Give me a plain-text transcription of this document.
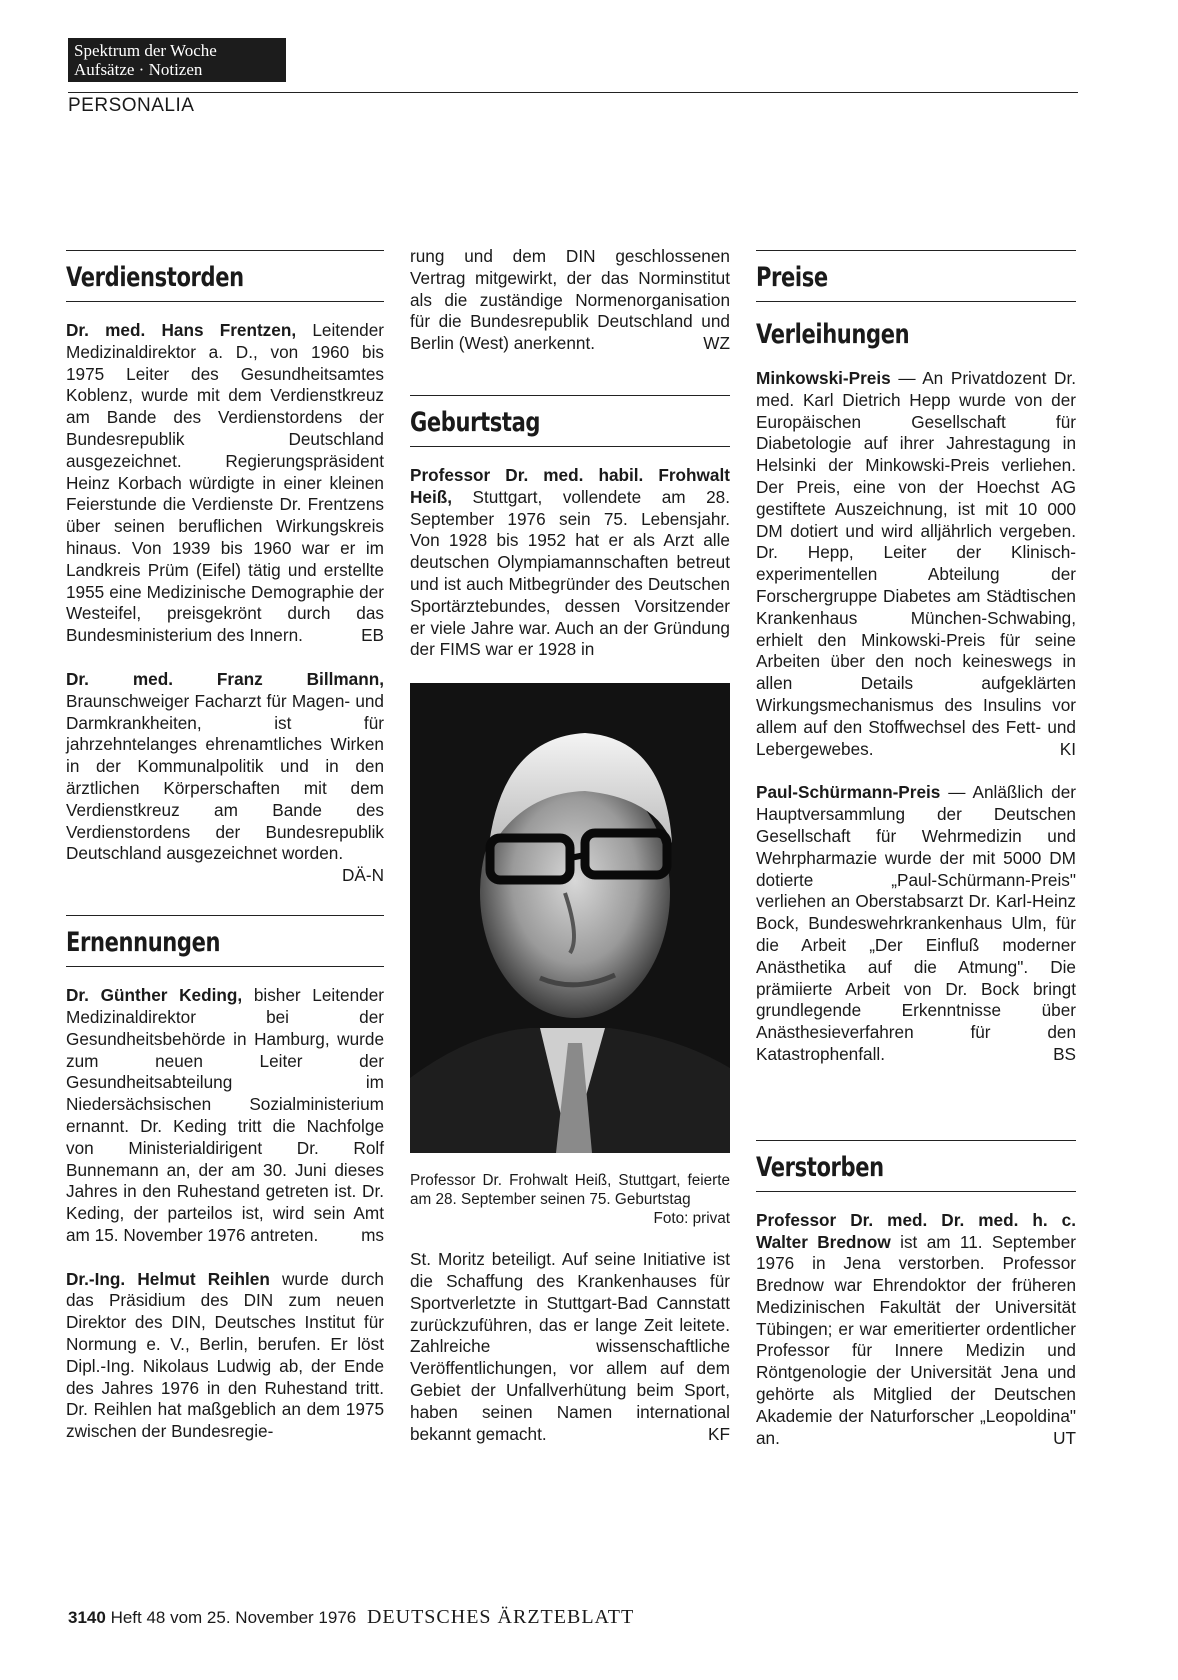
Spektrum der Woche
Aufsätze · Notizen
PERSONALIA
Verdienstorden

Dr. med. Hans Frentzen, Leitender Medizinaldirektor a. D., von 1960 bis 1975 Leiter des Gesundheitsamtes Koblenz, wurde mit dem Verdienstkreuz am Bande des Verdienstordens der Bundesrepublik Deutschland ausgezeichnet. Regierungspräsident Heinz Korbach würdigte in einer kleinen Feierstunde die Verdienste Dr. Frentzens über seinen beruflichen Wirkungskreis hinaus. Von 1939 bis 1960 war er im Landkreis Prüm (Eifel) tätig und erstellte 1955 eine Medizinische Demographie der Westeifel, preisgekrönt durch das Bundesministerium des Innern.	EB

Dr. med. Franz Billmann, Braunschweiger Facharzt für Magen- und Darmkrankheiten, ist für jahrzehntelanges ehrenamtliches Wirken in der Kommunalpolitik und in den ärztlichen Körperschaften mit dem Verdienstkreuz am Bande des Verdienstordens der Bundesrepublik Deutschland ausgezeichnet worden.
DÄ-N

Ernennungen

Dr. Günther Keding, bisher Leitender Medizinaldirektor bei der Gesundheitsbehörde in Hamburg, wurde zum neuen Leiter der Gesundheitsabteilung im Niedersächsischen Sozialministerium ernannt. Dr. Keding tritt die Nachfolge von Ministerialdirigent Dr. Rolf Bunnemann an, der am 30. Juni dieses Jahres in den Ruhestand getreten ist. Dr. Keding, der parteilos ist, wird sein Amt am 15. November 1976 antreten. ms

Dr.-Ing. Helmut Reihlen wurde durch das Präsidium des DIN zum neuen Direktor des DIN, Deutsches Institut für Normung e. V., Berlin, berufen. Er löst Dipl.-Ing. Nikolaus Ludwig ab, der Ende des Jahres 1976 in den Ruhestand tritt. Dr. Reihlen hat maßgeblich an dem 1975 zwischen der Bundesregie-

rung und dem DIN geschlossenen Vertrag mitgewirkt, der das Norminstitut als die zuständige Normenorganisation für die Bundesrepublik Deutschland und Berlin (West) anerkennt.	WZ

Geburtstag

Professor Dr. med. habil. Frohwalt Heiß, Stuttgart, vollendete am 28. September 1976 sein 75. Lebensjahr. Von 1928 bis 1952 hat er als Arzt alle deutschen Olympiamannschaften betreut und ist auch Mitbegründer des Deutschen Sportärztebundes, dessen Vorsitzender er viele Jahre war. Auch an der Gründung der FIMS war er 1928 in

Professor Dr. Frohwalt Heiß, Stuttgart, feierte am 28. September seinen 75. Geburtstag
Foto: privat

St. Moritz beteiligt. Auf seine Initiative ist die Schaffung des Krankenhauses für Sportverletzte in Stuttgart-Bad Cannstatt zurückzuführen, das er lange Zeit leitete. Zahlreiche wissenschaftliche Veröffentlichungen, vor allem auf dem Gebiet der Unfallverhütung beim Sport, haben seinen Namen international bekannt gemacht.	KF

Preise
Verleihungen

Minkowski-Preis — An Privatdozent Dr. med. Karl Dietrich Hepp wurde von der Europäischen Gesellschaft für Diabetologie auf ihrer Jahrestagung in Helsinki der Minkowski-Preis verliehen. Der Preis, eine von der Hoechst AG gestiftete Auszeichnung, ist mit 10 000 DM dotiert und wird alljährlich vergeben. Dr. Hepp, Leiter der Klinisch-experimentellen Abteilung der Forschergruppe Diabetes am Städtischen Krankenhaus München-Schwabing, erhielt den Minkowski-Preis für seine Arbeiten über den noch keineswegs in allen Details aufgeklärten Wirkungsmechanismus des Insulins vor allem auf den Stoffwechsel des Fett- und Lebergewebes.	KI

Paul-Schürmann-Preis — Anläßlich der Hauptversammlung der Deutschen Gesellschaft für Wehrmedizin und Wehrpharmazie wurde der mit 5000 DM dotierte „Paul-Schürmann-Preis" verliehen an Oberstabsarzt Dr. Karl-Heinz Bock, Bundeswehrkrankenhaus Ulm, für die Arbeit „Der Einfluß moderner Anästhetika auf die Atmung". Die prämiierte Arbeit von Dr. Bock bringt grundlegende Erkenntnisse über Anästhesieverfahren für den Katastrophenfall.	BS

Verstorben

Professor Dr. med. Dr. med. h. c. Walter Brednow ist am 11. September 1976 in Jena verstorben. Professor Brednow war Ehrendoktor der früheren Medizinischen Fakultät der Universität Tübingen; er war emeritierter ordentlicher Professor für Innere Medizin und Röntgenologie der Universität Jena und gehörte als Mitglied der Deutschen Akademie der Naturforscher „Leopoldina" an.	UT

3140 Heft 48 vom 25. November 1976 DEUTSCHES ÄRZTEBLATT
